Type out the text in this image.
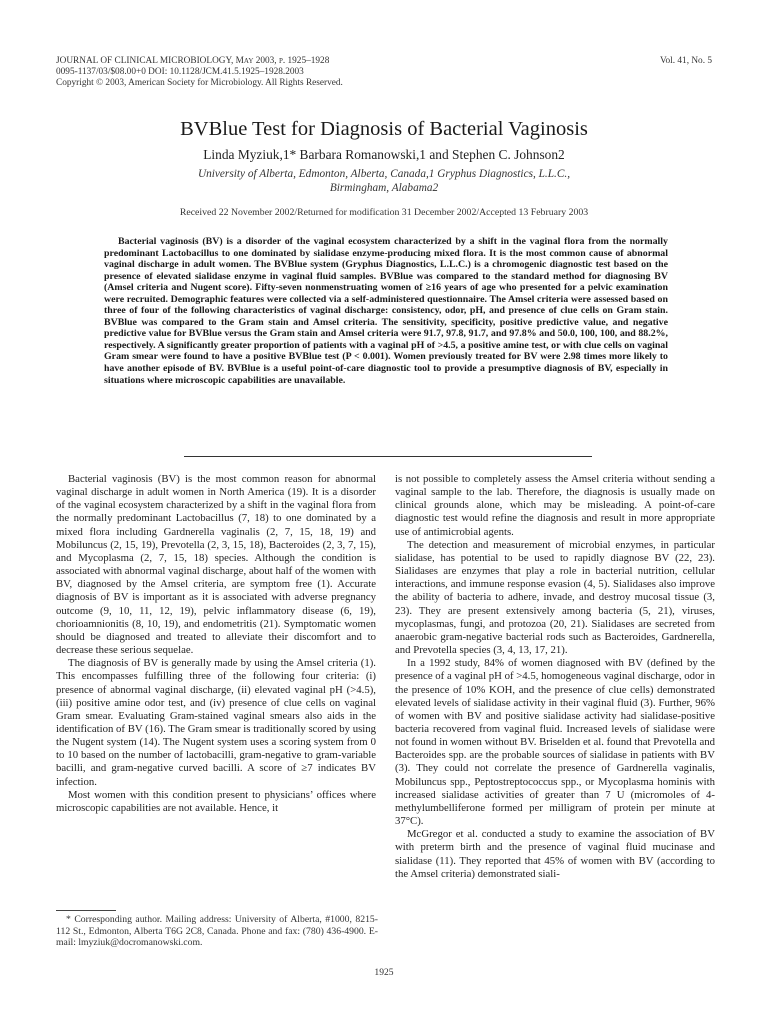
JOURNAL OF CLINICAL MICROBIOLOGY, May 2003, p. 1925–1928
0095-1137/03/$08.00+0 DOI: 10.1128/JCM.41.5.1925–1928.2003
Copyright © 2003, American Society for Microbiology. All Rights Reserved.
Vol. 41, No. 5
BVBlue Test for Diagnosis of Bacterial Vaginosis
Linda Myziuk,1* Barbara Romanowski,1 and Stephen C. Johnson2
University of Alberta, Edmonton, Alberta, Canada,1 Gryphus Diagnostics, L.L.C.,
Birmingham, Alabama2
Received 22 November 2002/Returned for modification 31 December 2002/Accepted 13 February 2003

Bacterial vaginosis (BV) is a disorder of the vaginal ecosystem characterized by a shift in the vaginal flora from the normally predominant Lactobacillus to one dominated by sialidase enzyme-producing mixed flora. It is the most common cause of abnormal vaginal discharge in adult women. The BVBlue system (Gryphus Diagnostics, L.L.C.) is a chromogenic diagnostic test based on the presence of elevated sialidase enzyme in vaginal fluid samples. BVBlue was compared to the standard method for diagnosing BV (Amsel criteria and Nugent score). Fifty-seven nonmenstruating women of ≥16 years of age who presented for a pelvic examination were recruited. Demographic features were collected via a self-administered questionnaire. The Amsel criteria were assessed based on three of four of the following characteristics of vaginal discharge: consistency, odor, pH, and presence of clue cells on Gram stain. BVBlue was compared to the Gram stain and Amsel criteria. The sensitivity, specificity, positive predictive value, and negative predictive value for BVBlue versus the Gram stain and Amsel criteria were 91.7, 97.8, 91.7, and 97.8% and 50.0, 100, 100, and 88.2%, respectively. A significantly greater proportion of patients with a vaginal pH of >4.5, a positive amine test, or with clue cells on vaginal Gram smear were found to have a positive BVBlue test (P < 0.001). Women previously treated for BV were 2.98 times more likely to have another episode of BV. BVBlue is a useful point-of-care diagnostic tool to provide a presumptive diagnosis of BV, especially in situations where microscopic capabilities are unavailable.

Bacterial vaginosis (BV) is the most common reason for abnormal vaginal discharge in adult women in North America (19). It is a disorder of the vaginal ecosystem characterized by a shift in the vaginal flora from the normally predominant Lactobacillus (7, 18) to one dominated by a mixed flora including Gardnerella vaginalis (2, 7, 15, 18, 19) and Mobiluncus (2, 15, 19), Prevotella (2, 3, 15, 18), Bacteroides (2, 3, 7, 15), and Mycoplasma (2, 7, 15, 18) species. Although the condition is associated with abnormal vaginal discharge, about half of the women with BV, diagnosed by the Amsel criteria, are symptom free (1). Accurate diagnosis of BV is important as it is associated with adverse pregnancy outcome (9, 10, 11, 12, 19), pelvic inflammatory disease (6, 19), chorioamnionitis (8, 10, 19), and endometritis (21). Symptomatic women should be diagnosed and treated to alleviate their discomfort and to decrease these serious sequelae.

The diagnosis of BV is generally made by using the Amsel criteria (1). This encompasses fulfilling three of the following four criteria: (i) presence of abnormal vaginal discharge, (ii) elevated vaginal pH (>4.5), (iii) positive amine odor test, and (iv) presence of clue cells on vaginal Gram smear. Evaluating Gram-stained vaginal smears also aids in the identification of BV (16). The Gram smear is traditionally scored by using the Nugent system (14). The Nugent system uses a scoring system from 0 to 10 based on the number of lactobacilli, gram-negative to gram-variable bacilli, and gram-negative curved bacilli. A score of ≥7 indicates BV infection.

Most women with this condition present to physicians’ offices where microscopic capabilities are not available. Hence, it

is not possible to completely assess the Amsel criteria without sending a vaginal sample to the lab. Therefore, the diagnosis is usually made on clinical grounds alone, which may be misleading. A point-of-care diagnostic test would refine the diagnosis and result in more appropriate use of antimicrobial agents.

The detection and measurement of microbial enzymes, in particular sialidase, has potential to be used to rapidly diagnose BV (22, 23). Sialidases are enzymes that play a role in bacterial nutrition, cellular interactions, and immune response evasion (4, 5). Sialidases also improve the ability of bacteria to adhere, invade, and destroy mucosal tissue (3, 23). They are present extensively among bacteria (5, 21), viruses, mycoplasmas, fungi, and protozoa (20, 21). Sialidases are secreted from anaerobic gram-negative bacterial rods such as Bacteroides, Gardnerella, and Prevotella species (3, 4, 13, 17, 21).

In a 1992 study, 84% of women diagnosed with BV (defined by the presence of a vaginal pH of >4.5, homogeneous vaginal discharge, odor in the presence of 10% KOH, and the presence of clue cells) demonstrated elevated levels of sialidase activity in their vaginal fluid (3). Further, 96% of women with BV and positive sialidase activity had sialidase-positive bacteria recovered from vaginal fluid. Increased levels of sialidase were not found in women without BV. Briselden et al. found that Prevotella and Bacteroides spp. are the probable sources of sialidase in patients with BV (3). They could not correlate the presence of Gardnerella vaginalis, Mobiluncus spp., Peptostreptococcus spp., or Mycoplasma hominis with increased sialidase activities of greater than 7 U (micromoles of 4-methylumbelliferone formed per milligram of protein per minute at 37°C).

McGregor et al. conducted a study to examine the association of BV with preterm birth and the presence of vaginal fluid mucinase and sialidase (11). They reported that 45% of women with BV (according to the Amsel criteria) demonstrated siali-

* Corresponding author. Mailing address: University of Alberta, #1000, 8215-112 St., Edmonton, Alberta T6G 2C8, Canada. Phone and fax: (780) 436-4900. E-mail: lmyziuk@docromanowski.com.

1925
